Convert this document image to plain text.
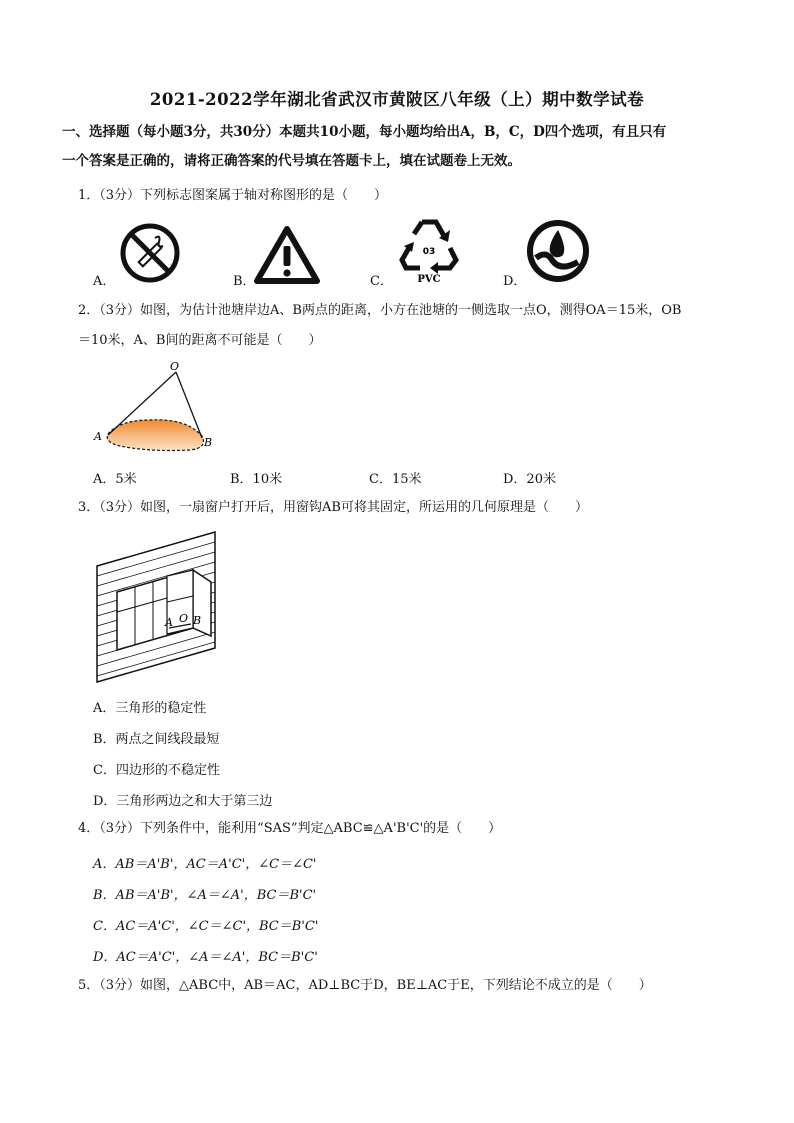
2021-2022学年湖北省武汉市黄陂区八年级（上）期中数学试卷
一、选择题（每小题3分，共30分）本题共10小题，每小题均给出A，B，C，D四个选项，有且只有
一个答案是正确的，请将正确答案的代号填在答题卡上，填在试题卷上无效。
1．（3分）下列标志图案属于轴对称图形的是（　　）
A．	B．	C．	D．
03
PVC
2．（3分）如图，为估计池塘岸边A、B两点的距离，小方在池塘的一侧选取一点O，测得OA＝15米，OB
＝10米，A、B间的距离不可能是（　　）
O
A	B
A．5米	B．10米	C．15米	D．20米
3．（3分）如图，一扇窗户打开后，用窗钩AB可将其固定，所运用的几何原理是（　　）
A O B
A．三角形的稳定性
B．两点之间线段最短
C．四边形的不稳定性
D．三角形两边之和大于第三边
4．（3分）下列条件中，能利用“SAS”判定△ABC≌△A'B'C'的是（　　）
A．AB＝A'B'，AC＝A'C'，∠C＝∠C'
B．AB＝A'B'，∠A＝∠A'，BC＝B'C'
C．AC＝A'C'，∠C＝∠C'，BC＝B'C'
D．AC＝A'C'，∠A＝∠A'，BC＝B'C'
5．（3分）如图，△ABC中，AB＝AC，AD⊥BC于D，BE⊥AC于E，下列结论不成立的是（　　）
